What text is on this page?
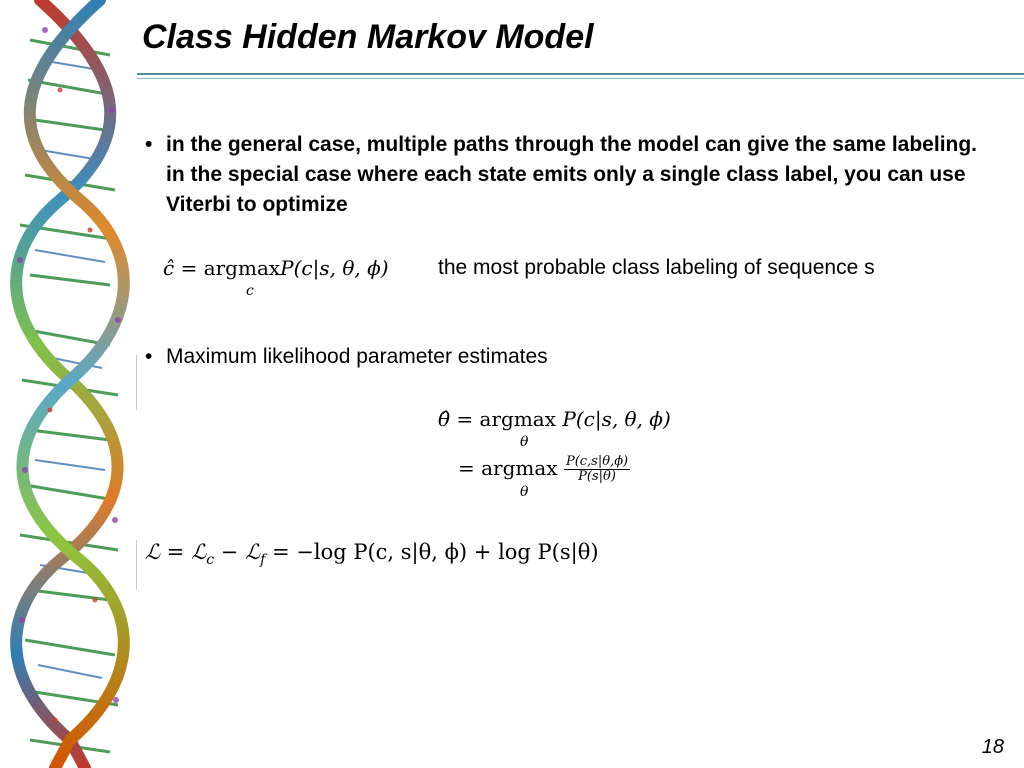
Class Hidden Markov Model
• in the general case, multiple paths through the model can give the same labeling. in the special case where each state emits only a single class label, you can use Viterbi to optimize
ĉ = argmaxP(c|s, θ, ϕ)
c
the most probable class labeling of sequence s
• Maximum likelihood parameter estimates
θ̂ = argmax P(c|s, θ, ϕ)
θ
= argmax $\frac{P(c,s|\theta,\phi)}{P(s|\theta)}$
θ
ℒ = ℒ$_c$ − ℒ$_f$ = −log P(c, s|θ, ϕ) + log P(s|θ)
18
